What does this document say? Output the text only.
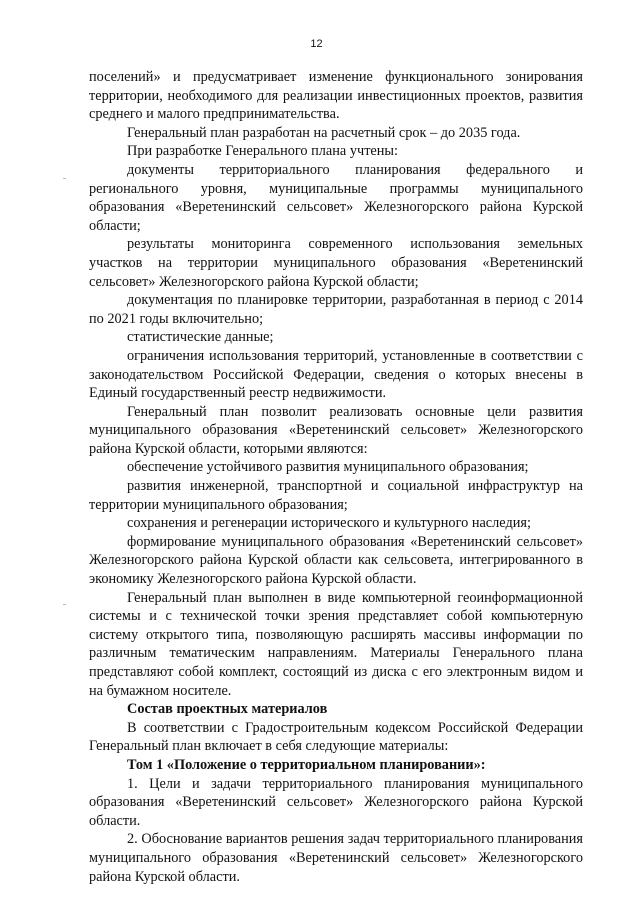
12

поселений» и предусматривает изменение функционального зонирования территории, необходимого для реализации инвестиционных проектов, развития среднего и малого предпринимательства.

Генеральный план разработан на расчетный срок – до 2035 года.

При разработке Генерального плана учтены:

документы территориального планирования федерального и регионального уровня, муниципальные программы муниципального образования «Веретенинский сельсовет» Железногорского района Курской области;

результаты мониторинга современного использования земельных участков на территории муниципального образования «Веретенинский сельсовет» Железногорского района Курской области;

документация по планировке территории, разработанная в период с 2014 по 2021 годы включительно;

статистические данные;

ограничения использования территорий, установленные в соответствии с законодательством Российской Федерации, сведения о которых внесены в Единый государственный реестр недвижимости.

Генеральный план позволит реализовать основные цели развития муниципального образования «Веретенинский сельсовет» Железногорского района Курской области, которыми являются:

обеспечение устойчивого развития муниципального образования;

развития инженерной, транспортной и социальной инфраструктур на территории муниципального образования;

сохранения и регенерации исторического и культурного наследия;

формирование муниципального образования «Веретенинский сельсовет» Железногорского района Курской области как сельсовета, интегрированного в экономику Железногорского района Курской области.

Генеральный план выполнен в виде компьютерной геоинформационной системы и с технической точки зрения представляет собой компьютерную систему открытого типа, позволяющую расширять массивы информации по различным тематическим направлениям. Материалы Генерального плана представляют собой комплект, состоящий из диска с его электронным видом и на бумажном носителе.

Состав проектных материалов

В соответствии с Градостроительным кодексом Российской Федерации Генеральный план включает в себя следующие материалы:

Том 1 «Положение о территориальном планировании»:

1. Цели и задачи территориального планирования муниципального образования «Веретенинский сельсовет» Железногорского района Курской области.

2. Обоснование вариантов решения задач территориального планирования муниципального образования «Веретенинский сельсовет» Железногорского района Курской области.
